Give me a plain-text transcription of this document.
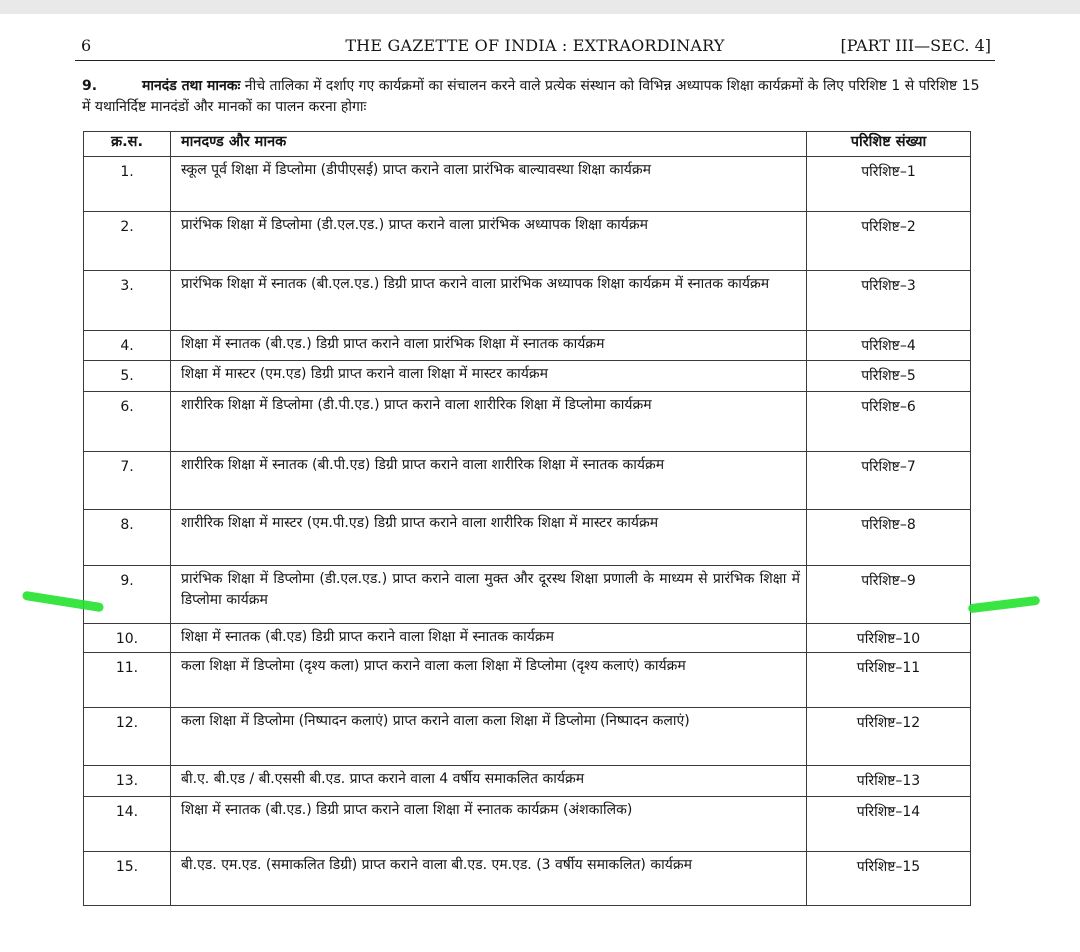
6	THE GAZETTE OF INDIA : EXTRAORDINARY	[PART III—SEC. 4]
9.	मानदंड तथा मानकः नीचे तालिका में दर्शाए गए कार्यक्रमों का संचालन करने वाले प्रत्येक संस्थान को विभिन्न अध्यापक शिक्षा कार्यक्रमों के लिए परिशिष्ट 1 से परिशिष्ट 15 में यथानिर्दिष्ट मानदंडों और मानकों का पालन करना होगाः
क्र.स.	मानदण्ड और मानक	परिशिष्ट संख्या
1.	स्कूल पूर्व शिक्षा में डिप्लोमा (डीपीएसई) प्राप्त कराने वाला प्रारंभिक बाल्यावस्था शिक्षा कार्यक्रम	परिशिष्ट–1
2.	प्रारंभिक शिक्षा में डिप्लोमा (डी.एल.एड.) प्राप्त कराने वाला प्रारंभिक अध्यापक शिक्षा कार्यक्रम	परिशिष्ट–2
3.	प्रारंभिक शिक्षा में स्नातक (बी.एल.एड.) डिग्री प्राप्त कराने वाला प्रारंभिक अध्यापक शिक्षा कार्यक्रम में स्नातक कार्यक्रम	परिशिष्ट–3
4.	शिक्षा में स्नातक (बी.एड.) डिग्री प्राप्त कराने वाला प्रारंभिक शिक्षा में स्नातक कार्यक्रम	परिशिष्ट–4
5.	शिक्षा में मास्टर (एम.एड) डिग्री प्राप्त कराने वाला शिक्षा में मास्टर कार्यक्रम	परिशिष्ट–5
6.	शारीरिक शिक्षा में डिप्लोमा (डी.पी.एड.) प्राप्त कराने वाला शारीरिक शिक्षा में डिप्लोमा कार्यक्रम	परिशिष्ट–6
7.	शारीरिक शिक्षा में स्नातक (बी.पी.एड) डिग्री प्राप्त कराने वाला शारीरिक शिक्षा में स्नातक कार्यक्रम	परिशिष्ट–7
8.	शारीरिक शिक्षा में मास्टर (एम.पी.एड) डिग्री प्राप्त कराने वाला शारीरिक शिक्षा में मास्टर कार्यक्रम	परिशिष्ट–8
9.	प्रारंभिक शिक्षा में डिप्लोमा (डी.एल.एड.) प्राप्त कराने वाला मुक्त और दूरस्थ शिक्षा प्रणाली के माध्यम से प्रारंभिक शिक्षा में डिप्लोमा कार्यक्रम	परिशिष्ट–9
10.	शिक्षा में स्नातक (बी.एड) डिग्री प्राप्त कराने वाला शिक्षा में स्नातक कार्यक्रम	परिशिष्ट–10
11.	कला शिक्षा में डिप्लोमा (दृश्य कला) प्राप्त कराने वाला कला शिक्षा में डिप्लोमा (दृश्य कलाएं) कार्यक्रम	परिशिष्ट–11
12.	कला शिक्षा में डिप्लोमा (निष्पादन कलाएं) प्राप्त कराने वाला कला शिक्षा में डिप्लोमा (निष्पादन कलाएं)	परिशिष्ट–12
13.	बी.ए. बी.एड / बी.एससी बी.एड. प्राप्त कराने वाला 4 वर्षीय समाकलित कार्यक्रम	परिशिष्ट–13
14.	शिक्षा में स्नातक (बी.एड.) डिग्री प्राप्त कराने वाला शिक्षा में स्नातक कार्यक्रम (अंशकालिक)	परिशिष्ट–14
15.	बी.एड. एम.एड. (समाकलित डिग्री) प्राप्त कराने वाला बी.एड. एम.एड. (3 वर्षीय समाकलित) कार्यक्रम	परिशिष्ट–15
